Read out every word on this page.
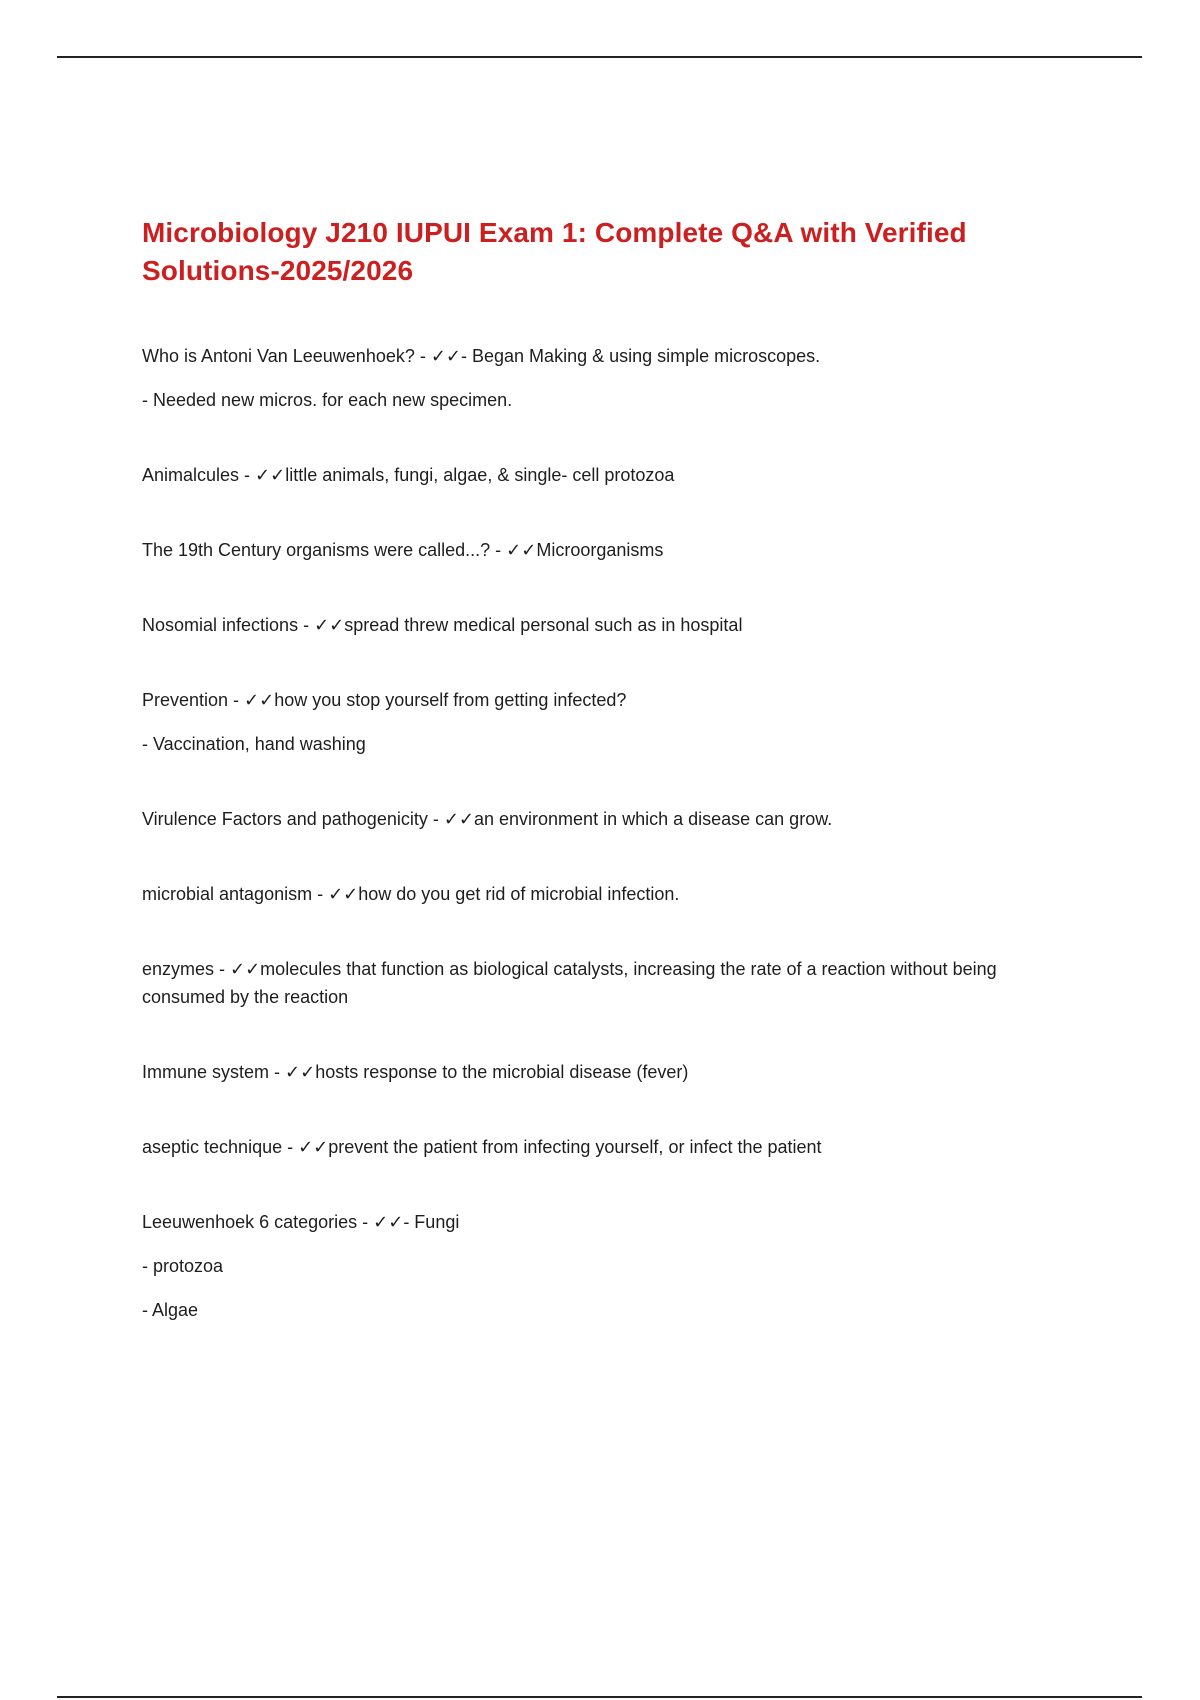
Microbiology J210 IUPUI Exam 1: Complete Q&A with Verified
Solutions-2025/2026

Who is Antoni Van Leeuwenhoek? - ✓✓- Began Making & using simple microscopes.

- Needed new micros. for each new specimen.

Animalcules - ✓✓little animals, fungi, algae, & single- cell protozoa

The 19th Century organisms were called...? - ✓✓Microorganisms

Nosomial infections - ✓✓spread threw medical personal such as in hospital

Prevention - ✓✓how you stop yourself from getting infected?

- Vaccination, hand washing

Virulence Factors and pathogenicity - ✓✓an environment in which a disease can grow.

microbial antagonism - ✓✓how do you get rid of microbial infection.

enzymes - ✓✓molecules that function as biological catalysts, increasing the rate of a reaction without being consumed by the reaction

Immune system - ✓✓hosts response to the microbial disease (fever)

aseptic technique - ✓✓prevent the patient from infecting yourself, or infect the patient

Leeuwenhoek 6 categories - ✓✓- Fungi

- protozoa

- Algae
